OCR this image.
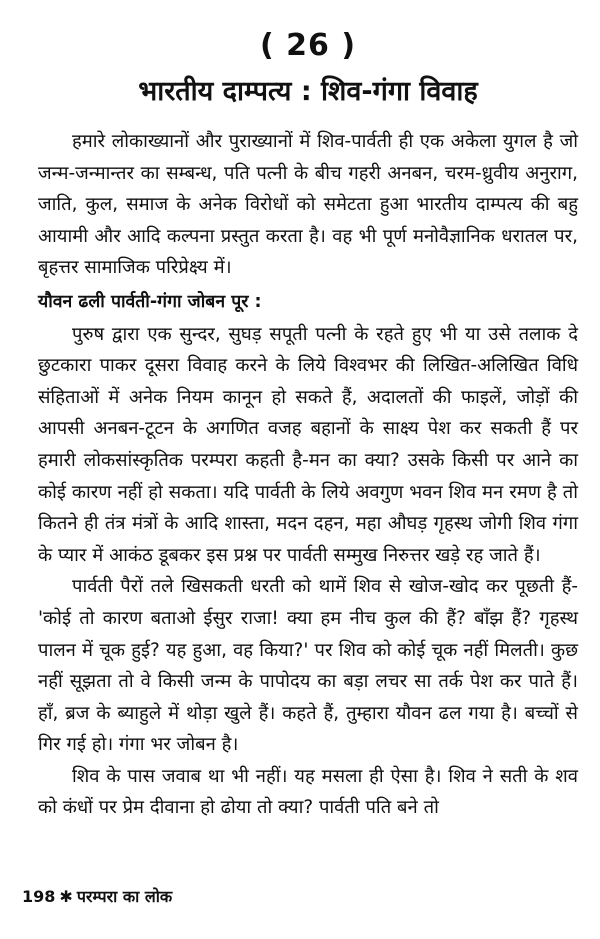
( 26 )
भारतीय दाम्पत्य : शिव-गंगा विवाह

हमारे लोकाख्यानों और पुराख्यानों में शिव-पार्वती ही एक अकेला युगल है जो जन्म-जन्मान्तर का सम्बन्ध, पति पत्नी के बीच गहरी अनबन, चरम-ध्रुवीय अनुराग, जाति, कुल, समाज के अनेक विरोधों को समेटता हुआ भारतीय दाम्पत्य की बहु आयामी और आदि कल्पना प्रस्तुत करता है। वह भी पूर्ण मनोवैज्ञानिक धरातल पर, बृहत्तर सामाजिक परिप्रेक्ष्य में।

यौवन ढली पार्वती-गंगा जोबन पूर :

पुरुष द्वारा एक सुन्दर, सुघड़ सपूती पत्नी के रहते हुए भी या उसे तलाक दे छुटकारा पाकर दूसरा विवाह करने के लिये विश्वभर की लिखित-अलिखित विधि संहिताओं में अनेक नियम कानून हो सकते हैं, अदालतों की फाइलें, जोड़ों की आपसी अनबन-टूटन के अगणित वजह बहानों के साक्ष्य पेश कर सकती हैं पर हमारी लोकसांस्कृतिक परम्परा कहती है-मन का क्या? उसके किसी पर आने का कोई कारण नहीं हो सकता। यदि पार्वती के लिये अवगुण भवन शिव मन रमण है तो कितने ही तंत्र मंत्रों के आदि शास्ता, मदन दहन, महा औघड़ गृहस्थ जोगी शिव गंगा के प्यार में आकंठ डूबकर इस प्रश्न पर पार्वती सम्मुख निरुत्तर खड़े रह जाते हैं।

पार्वती पैरों तले खिसकती धरती को थामें शिव से खोज-खोद कर पूछती हैं- 'कोई तो कारण बताओ ईसुर राजा! क्या हम नीच कुल की हैं? बाँझ हैं? गृहस्थ पालन में चूक हुई? यह हुआ, वह किया?' पर शिव को कोई चूक नहीं मिलती। कुछ नहीं सूझता तो वे किसी जन्म के पापोदय का बड़ा लचर सा तर्क पेश कर पाते हैं। हाँ, ब्रज के ब्याहुले में थोड़ा खुले हैं। कहते हैं, तुम्हारा यौवन ढल गया है। बच्चों से गिर गई हो। गंगा भर जोबन है।

शिव के पास जवाब था भी नहीं। यह मसला ही ऐसा है। शिव ने सती के शव को कंधों पर प्रेम दीवाना हो ढोया तो क्या? पार्वती पति बने तो

198 ✱ परम्परा का लोक
